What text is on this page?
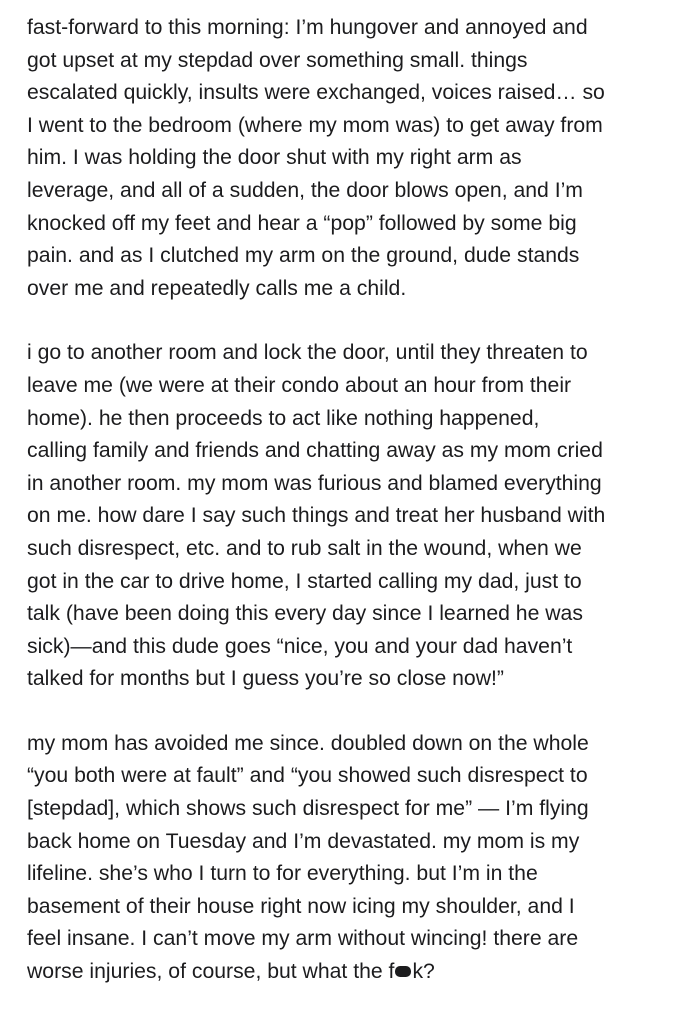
fast-forward to this morning: I’m hungover and annoyed and
got upset at my stepdad over something small. things
escalated quickly, insults were exchanged, voices raised… so
I went to the bedroom (where my mom was) to get away from
him. I was holding the door shut with my right arm as
leverage, and all of a sudden, the door blows open, and I’m
knocked off my feet and hear a “pop” followed by some big
pain. and as I clutched my arm on the ground, dude stands
over me and repeatedly calls me a child.
i go to another room and lock the door, until they threaten to
leave me (we were at their condo about an hour from their
home). he then proceeds to act like nothing happened,
calling family and friends and chatting away as my mom cried
in another room. my mom was furious and blamed everything
on me. how dare I say such things and treat her husband with
such disrespect, etc. and to rub salt in the wound, when we
got in the car to drive home, I started calling my dad, just to
talk (have been doing this every day since I learned he was
sick)—and this dude goes “nice, you and your dad haven’t
talked for months but I guess you’re so close now!”
my mom has avoided me since. doubled down on the whole
“you both were at fault” and “you showed such disrespect to
[stepdad], which shows such disrespect for me” — I’m flying
back home on Tuesday and I’m devastated. my mom is my
lifeline. she’s who I turn to for everything. but I’m in the
basement of their house right now icing my shoulder, and I
feel insane. I can’t move my arm without wincing! there are
worse injuries, of course, but what the f k?
